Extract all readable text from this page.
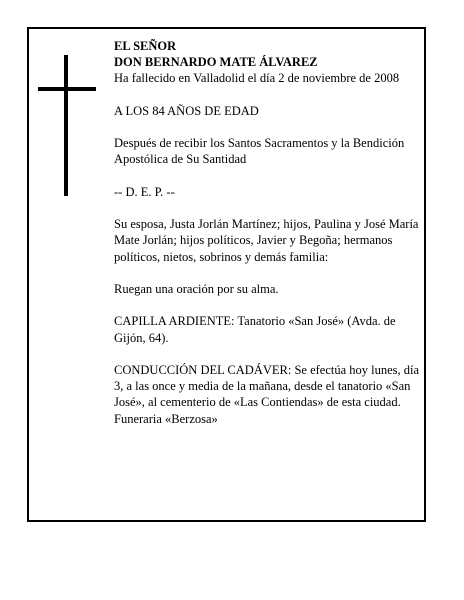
EL SEÑOR

DON BERNARDO MATE ÁLVAREZ

Ha fallecido en Valladolid el día 2 de noviembre de 2008

A LOS 84 AÑOS DE EDAD

Después de recibir los Santos Sacramentos y la Bendición Apostólica de Su Santidad

-- D. E. P. --

Su esposa, Justa Jorlán Martínez; hijos, Paulina y José María Mate Jorlán; hijos políticos, Javier y Begoña; hermanos políticos, nietos, sobrinos y demás familia:

Ruegan una oración por su alma.

CAPILLA ARDIENTE: Tanatorio «San José» (Avda. de Gijón, 64).

CONDUCCIÓN DEL CADÁVER: Se efectúa hoy lunes, día 3, a las once y media de la mañana, desde el tanatorio «San José», al cementerio de «Las Contiendas» de esta ciudad.

Funeraria «Berzosa»
